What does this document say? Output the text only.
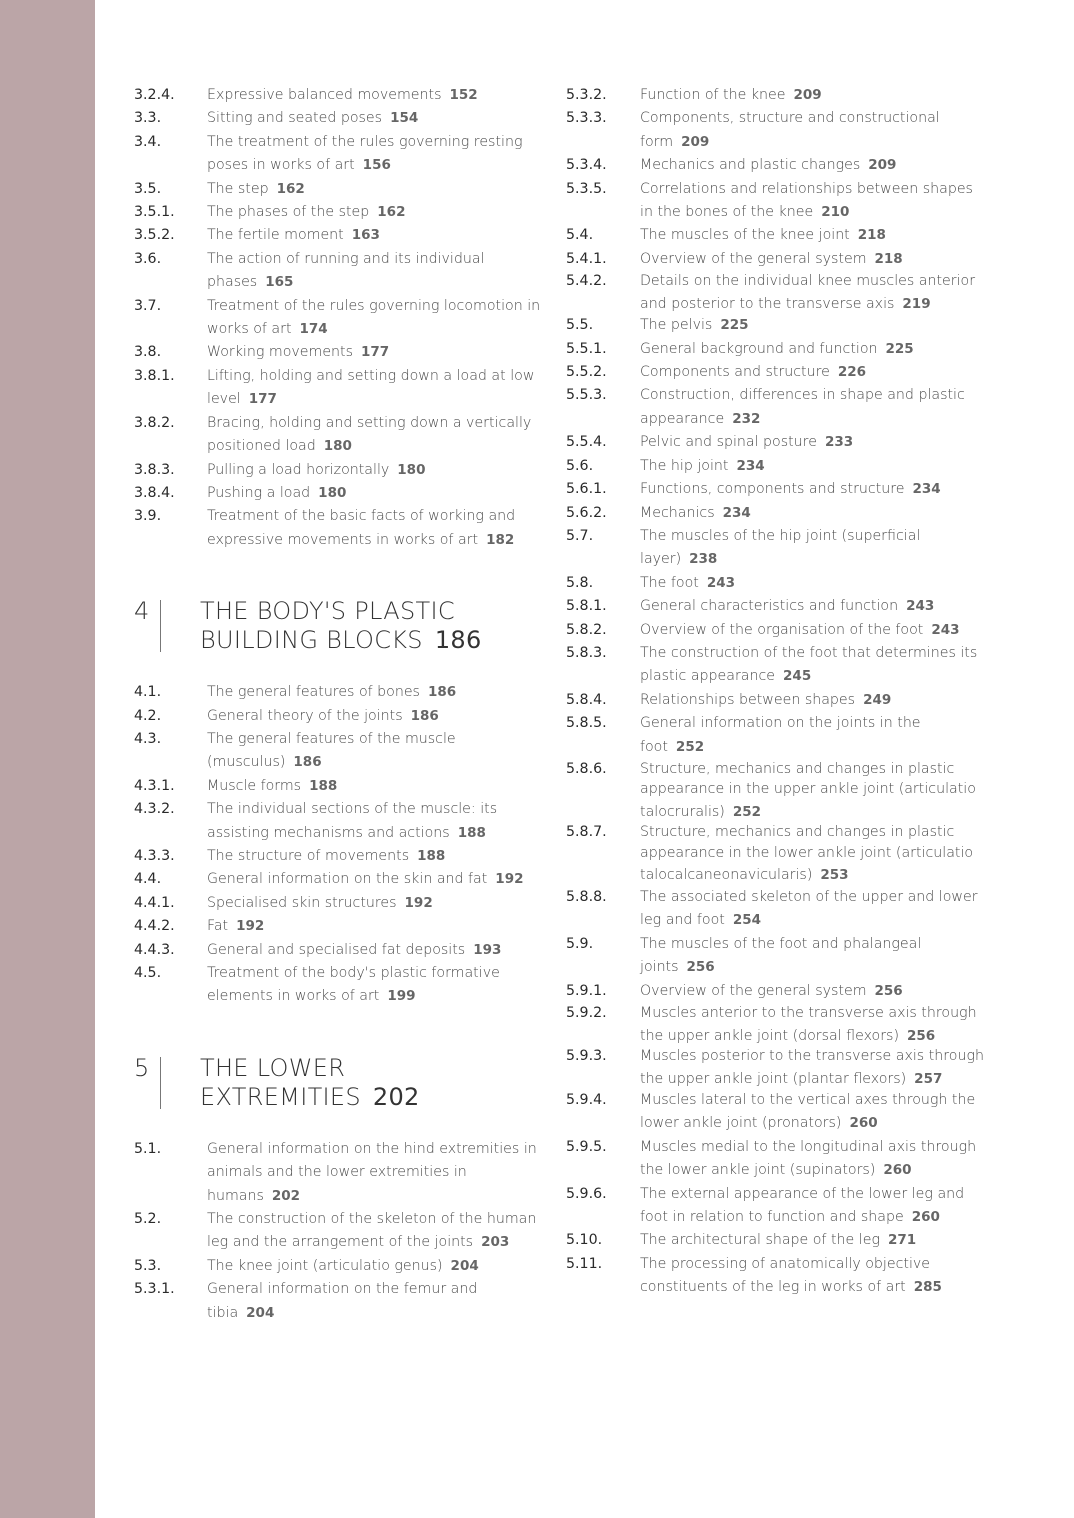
3.2.4. Expressive balanced movements 152
3.3.	Sitting and seated poses 154
3.4.	The treatment of the rules governing resting poses in works of art 156
3.5.	The step 162
3.5.1. The phases of the step 162
3.5.2. The fertile moment 163
3.6.	The action of running and its individual phases 165
3.7.	Treatment of the rules governing locomotion in works of art 174
3.8.	Working movements 177
3.8.1. Lifting, holding and setting down a load at low level 177
3.8.2. Bracing, holding and setting down a vertically positioned load 180
3.8.3. Pulling a load horizontally 180
3.8.4. Pushing a load 180
3.9.	Treatment of the basic facts of working and expressive movements in works of art 182
4 THE BODY'S PLASTIC
BUILDING BLOCKS 186
4.1.	The general features of bones 186
4.2.	General theory of the joints 186
4.3.	The general features of the muscle (musculus) 186
4.3.1. Muscle forms 188
4.3.2. The individual sections of the muscle: its assisting mechanisms and actions 188
4.3.3. The structure of movements 188
4.4.	General information on the skin and fat 192
4.4.1. Specialised skin structures 192
4.4.2. Fat 192
4.4.3. General and specialised fat deposits 193
4.5.	Treatment of the body's plastic formative elements in works of art 199
5 THE LOWER
EXTREMITIES 202
5.1.	General information on the hind extremities in animals and the lower extremities in humans 202
5.2.	The construction of the skeleton of the human leg and the arrangement of the joints 203
5.3.	The knee joint (articulatio genus) 204
5.3.1. General information on the femur and tibia 204
5.3.2. Function of the knee 209
5.3.3. Components, structure and constructional form 209
5.3.4. Mechanics and plastic changes 209
5.3.5. Correlations and relationships between shapes in the bones of the knee 210
5.4.	The muscles of the knee joint 218
5.4.1. Overview of the general system 218
5.4.2. Details on the individual knee muscles anterior and posterior to the transverse axis 219
5.5.	The pelvis 225
5.5.1. General background and function 225
5.5.2. Components and structure 226
5.5.3. Construction, differences in shape and plastic appearance 232
5.5.4. Pelvic and spinal posture 233
5.6.	The hip joint 234
5.6.1. Functions, components and structure 234
5.6.2. Mechanics 234
5.7.	The muscles of the hip joint (superficial layer) 238
5.8.	The foot 243
5.8.1. General characteristics and function 243
5.8.2. Overview of the organisation of the foot 243
5.8.3. The construction of the foot that determines its plastic appearance 245
5.8.4. Relationships between shapes 249
5.8.5. General information on the joints in the foot 252
5.8.6. Structure, mechanics and changes in plastic appearance in the upper ankle joint (articulatio talocruralis) 252
5.8.7. Structure, mechanics and changes in plastic appearance in the lower ankle joint (articulatio talocalcaneonavicularis) 253
5.8.8. The associated skeleton of the upper and lower leg and foot 254
5.9.	The muscles of the foot and phalangeal joints 256
5.9.1. Overview of the general system 256
5.9.2. Muscles anterior to the transverse axis through the upper ankle joint (dorsal flexors) 256
5.9.3. Muscles posterior to the transverse axis through the upper ankle joint (plantar flexors) 257
5.9.4. Muscles lateral to the vertical axes through the lower ankle joint (pronators) 260
5.9.5. Muscles medial to the longitudinal axis through the lower ankle joint (supinators) 260
5.9.6. The external appearance of the lower leg and foot in relation to function and shape 260
5.10.	The architectural shape of the leg 271
5.11.	The processing of anatomically objective constituents of the leg in works of art 285
